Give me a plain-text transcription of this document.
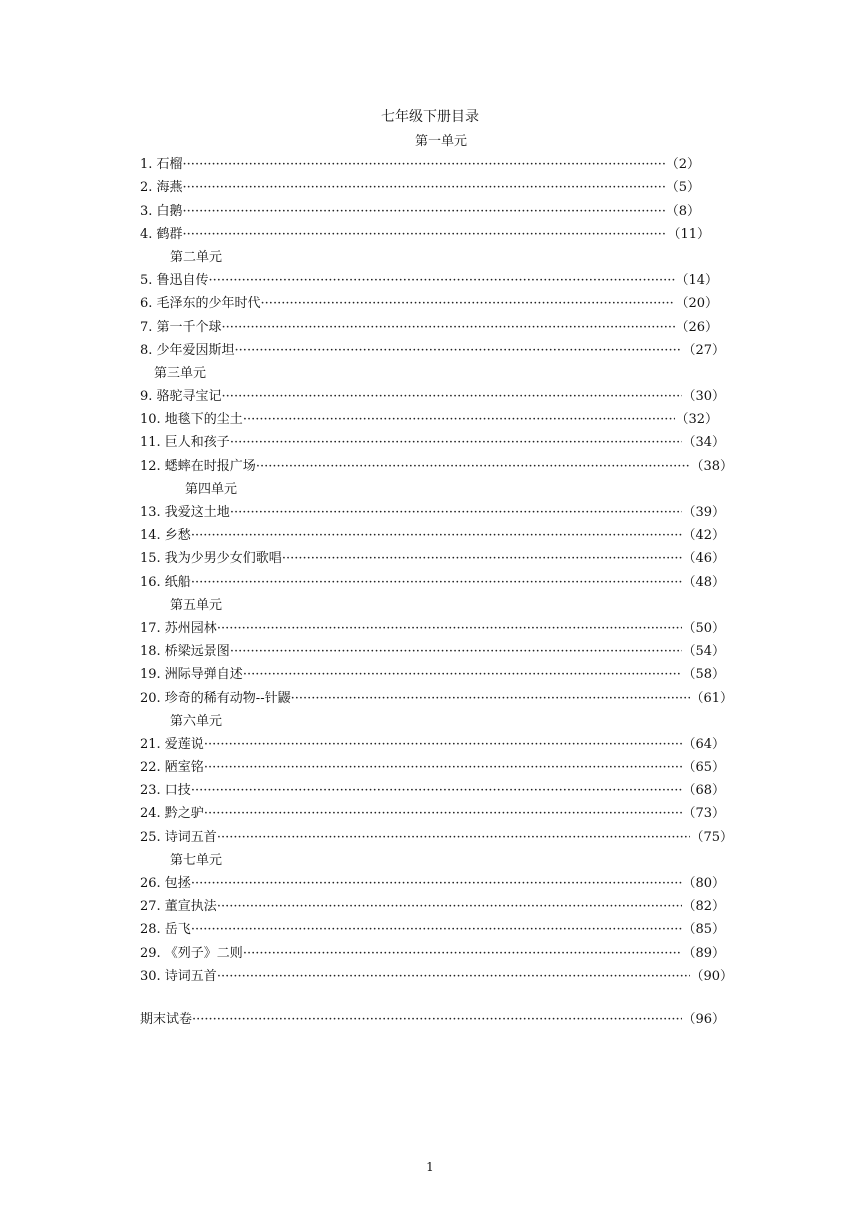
七年级下册目录
第一单元
1. 石榴 ·····	（2）
2. 海燕 ·····	（5）
3. 白鹅 ·····	（8）
4. 鹤群 ·····	（11）
第二单元
5. 鲁迅自传 ·····	（14）
6. 毛泽东的少年时代 ·····	（20）
7. 第一千个球 ·····	（26）
8. 少年爱因斯坦 ·····	（27）
第三单元
9. 骆驼寻宝记 ·····	（30）
10. 地毯下的尘土 ·····	（32）
11. 巨人和孩子 ·····	（34）
12. 蟋蟀在时报广场 ·····	（38）
第四单元
13. 我爱这土地 ·····	（39）
14. 乡愁 ·····	（42）
15. 我为少男少女们歌唱 ·····	（46）
16. 纸船 ·····	（48）
第五单元
17. 苏州园林 ·····	（50）
18. 桥梁远景图 ·····	（54）
19. 洲际导弹自述 ·····	（58）
20. 珍奇的稀有动物--针鼹 ·····	（61）
第六单元
21. 爱莲说 ·····	（64）
22. 陋室铭 ·····	（65）
23. 口技 ·····	（68）
24. 黔之驴 ·····	（73）
25. 诗词五首 ·····	（75）
第七单元
26. 包拯 ·····	（80）
27. 董宣执法 ·····	（82）
28. 岳飞 ·····	（85）
29. 《列子》二则 ·····	（89）
30. 诗词五首 ·····	（90）
期末试卷 ·····	（96）
1
